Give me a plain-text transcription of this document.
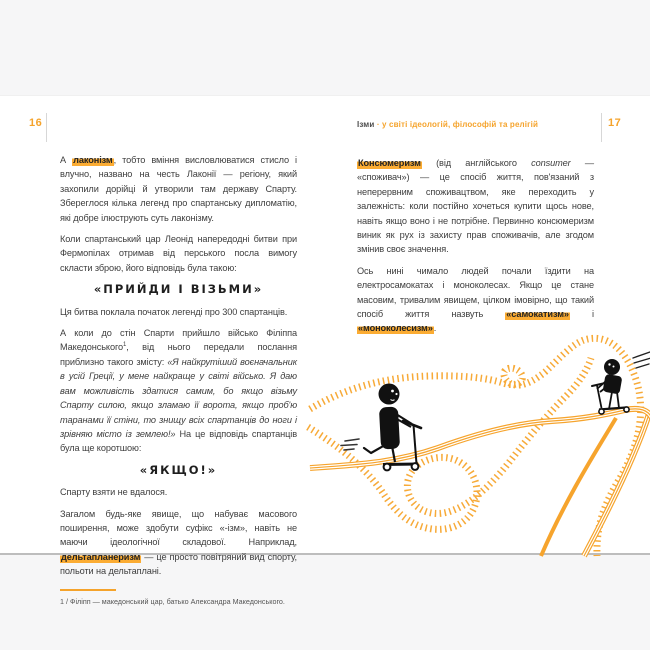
16	Ізми · у світі ідеологій, філософій та релігій	17

А лаконізм, тобто вміння висловлюватися стисло і влучно, названо на честь Лаконії — регіону, який захопили дорійці й утворили там державу Спарту. Збереглося кілька легенд про спартанську дипломатію, які добре ілюструють суть лаконізму.

Коли спартанський цар Леонід напередодні битви при Фермопілах отримав від перського посла вимогу скласти зброю, його відповідь була такою:

«ПРИЙДИ І ВІЗЬМИ»

Ця битва поклала початок легенді про 300 спартанців.

А коли до стін Спарти прийшло військо Філіппа Македонського$^1$, від нього передали послання приблизно такого змісту: «Я найкрутіший воєначальник в усій Греції, у мене найкраще у світі військо. Я даю вам можливість здатися самим, бо якщо візьму Спарту силою, якщо зламаю її ворота, якщо проб'ю таранами її стіни, то знищу всіх спартанців до ноги і зрівняю місто із землею!» На це відповідь спартанців була ще коротшою:

«ЯКЩО!»

Спарту взяти не вдалося.

Загалом будь-яке явище, що набуває масового поширення, може здобути суфікс «-ізм», навіть не маючи ідеологічної складової. Наприклад, дельтапланеризм — це просто повітряний вид спорту, польоти на дельтаплані.

1 / Філіпп — македонський цар, батько Александра Македонського.

Консюмеризм (від англійського consumer — «споживач») — це спосіб життя, пов'язаний з неперервним споживацтвом, яке переходить у залежність: коли постійно хочеться купити щось нове, навіть якщо воно і не потрібне. Первинно консюмеризм виник як рух із захисту прав споживачів, але згодом змінив своє значення.

Ось нині чимало людей почали їздити на електросамокатах і моноколесах. Якщо це стане масовим, тривалим явищем, цілком імовірно, що такий спосіб життя назвуть «самокатизм» і «моноколесизм».
